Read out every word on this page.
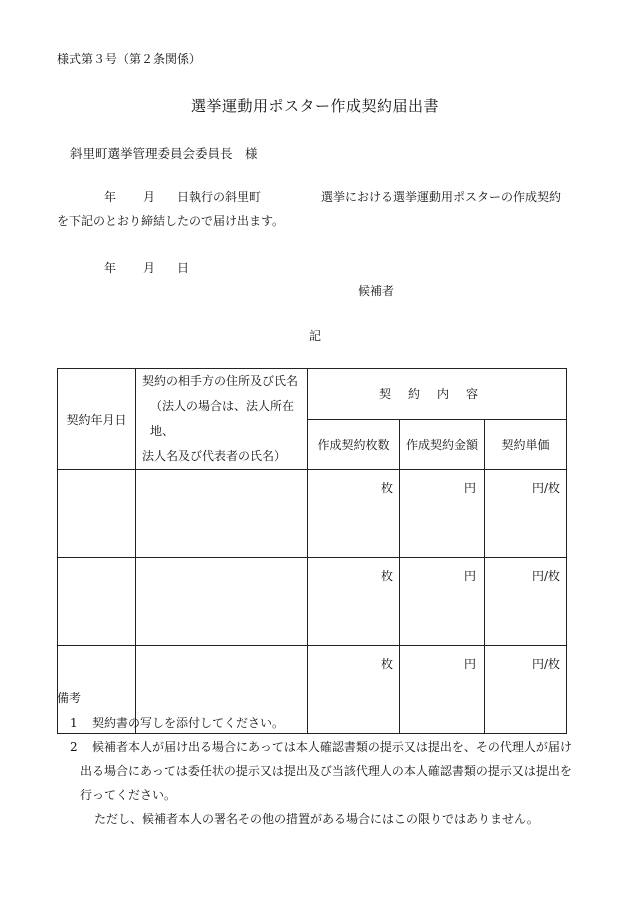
様式第３号（第２条関係）
選挙運動用ポスター作成契約届出書
斜里町選挙管理委員会委員長　様
年 月 日執行の斜里町	選挙における選挙運動用ポスターの作成契約
を下記のとおり締結したので届け出ます。
年 月 日
候補者
記
契約年月日	契約の相手方の住所及び氏名
（法人の場合は、法人所在地、
法人名及び代表者の氏名）	契約内容		
		作成契約枚数	作成契約金額	契約単価
		枚	円	円/枚
		枚	円	円/枚
		枚	円	円/枚
備考
1 契約書の写しを添付してください。
2 候補者本人が届け出る場合にあっては本人確認書類の提示又は提出を、その代理人が届け
出る場合にあっては委任状の提示又は提出及び当該代理人の本人確認書類の提示又は提出を
行ってください。
ただし、候補者本人の署名その他の措置がある場合にはこの限りではありません。
